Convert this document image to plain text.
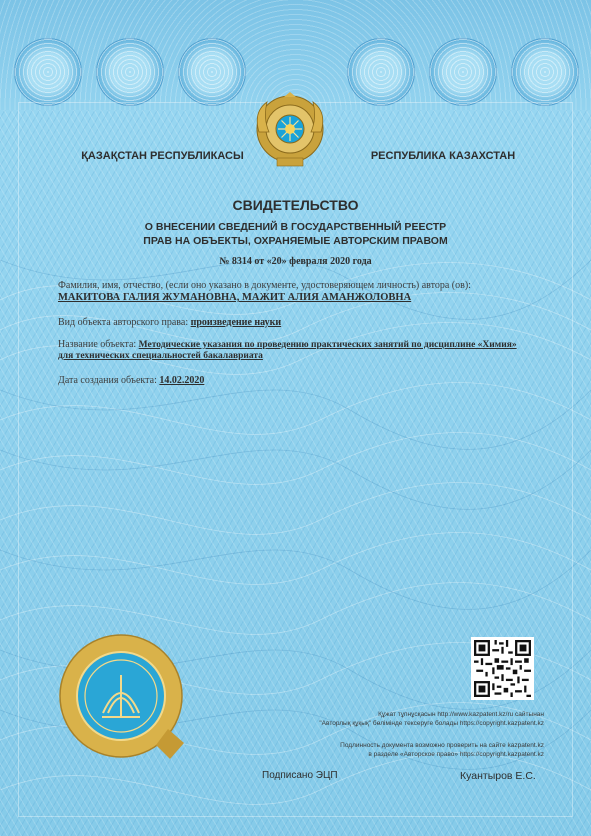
ҚАЗАҚСТАН РЕСПУБЛИКАСЫ	РЕСПУБЛИКА КАЗАХСТАН

СВИДЕТЕЛЬСТВО

О ВНЕСЕНИИ СВЕДЕНИЙ В ГОСУДАРСТВЕННЫЙ РЕЕСТР

ПРАВ НА ОБЪЕКТЫ, ОХРАНЯЕМЫЕ АВТОРСКИМ ПРАВОМ

№ 8314 от «20» февраля 2020 года

Фамилия, имя, отчество, (если оно указано в документе, удостоверяющем личность) автора (ов):

МАКИТОВА ГАЛИЯ ЖУМАНОВНА, МАЖИТ АЛИЯ АМАНЖОЛОВНА

Вид объекта авторского права: произведение науки

Название объекта: Методические указания по проведению практических занятий по дисциплине «Химия»

для технических специальностей бакалавриата

Дата создания объекта: 14.02.2020

Құжат тұпнұсқасын http://www.kazpatent.kz/ru сайтынан

"Авторлық құқық" бөлімінде тексеруге болады https://copyright.kazpatent.kz

Подлинность документа возможно проверить на сайте kazpatent.kz

в разделе «Авторское право» https://copyright.kazpatent.kz

Подписано ЭЦП	Куантыров Е.С.
